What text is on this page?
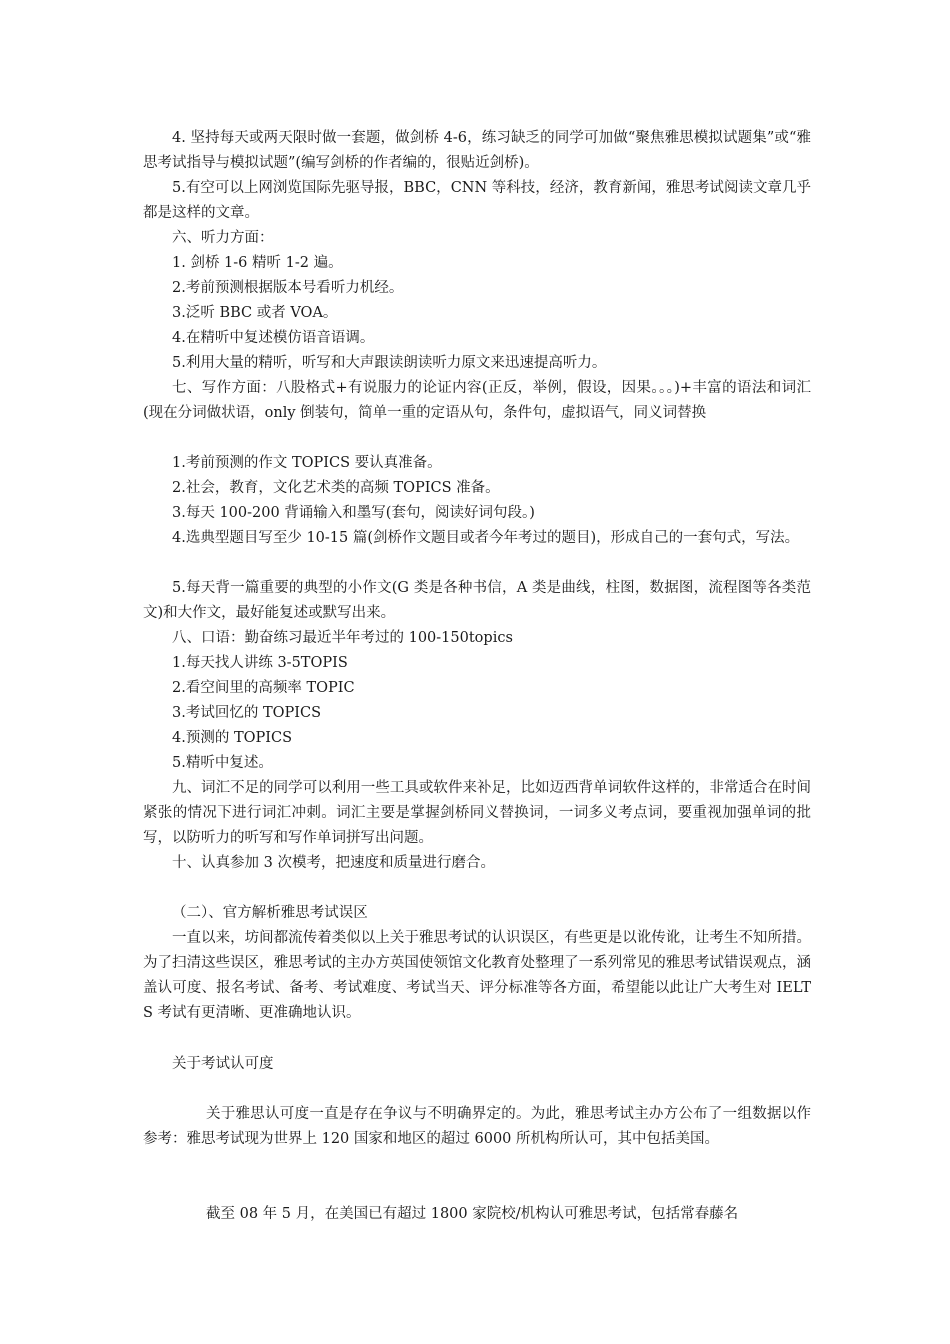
4. 坚持每天或两天限时做一套题，做剑桥 4-6，练习缺乏的同学可加做“聚焦雅思模拟试题集”或“雅思考试指导与模拟试题”(编写剑桥的作者编的，很贴近剑桥)。

5.有空可以上网浏览国际先驱导报，BBC，CNN 等科技，经济，教育新闻，雅思考试阅读文章几乎都是这样的文章。

六、听力方面：

1. 剑桥 1-6 精听 1-2 遍。

2.考前预测根据版本号看听力机经。

3.泛听 BBC 或者 VOA。

4.在精听中复述模仿语音语调。

5.利用大量的精听，听写和大声跟读朗读听力原文来迅速提高听力。

七、写作方面：八股格式+有说服力的论证内容(正反，举例，假设，因果。。。)+丰富的语法和词汇(现在分词做状语，only 倒装句，简单一重的定语从句，条件句，虚拟语气，同义词替换

1.考前预测的作文 TOPICS 要认真准备。

2.社会，教育，文化艺术类的高频 TOPICS 准备。

3.每天 100-200 背诵输入和墨写(套句，阅读好词句段。)

4.选典型题目写至少 10-15 篇(剑桥作文题目或者今年考过的题目)，形成自己的一套句式，写法。

5.每天背一篇重要的典型的小作文(G 类是各种书信，A 类是曲线，柱图，数据图，流程图等各类范文)和大作文，最好能复述或默写出来。

八、口语：勤奋练习最近半年考过的 100-150topics

1.每天找人讲练 3-5TOPIS

2.看空间里的高频率 TOPIC

3.考试回忆的 TOPICS

4.预测的 TOPICS

5.精听中复述。

九、词汇不足的同学可以利用一些工具或软件来补足，比如迈西背单词软件这样的，非常适合在时间紧张的情况下进行词汇冲刺。词汇主要是掌握剑桥同义替换词，一词多义考点词，要重视加强单词的批写，以防听力的听写和写作单词拼写出问题。

十、认真参加 3 次模考，把速度和质量进行磨合。

（二）、官方解析雅思考试误区

一直以来，坊间都流传着类似以上关于雅思考试的认识误区，有些更是以讹传讹，让考生不知所措。为了扫清这些误区，雅思考试的主办方英国使领馆文化教育处整理了一系列常见的雅思考试错误观点，涵盖认可度、报名考试、备考、考试难度、考试当天、评分标准等各方面，希望能以此让广大考生对 IELTS 考试有更清晰、更准确地认识。

关于考试认可度

关于雅思认可度一直是存在争议与不明确界定的。为此，雅思考试主办方公布了一组数据以作参考：雅思考试现为世界上 120 国家和地区的超过 6000 所机构所认可，其中包括美国。

截至 08 年 5 月，在美国已有超过 1800 家院校/机构认可雅思考试，包括常春藤名
